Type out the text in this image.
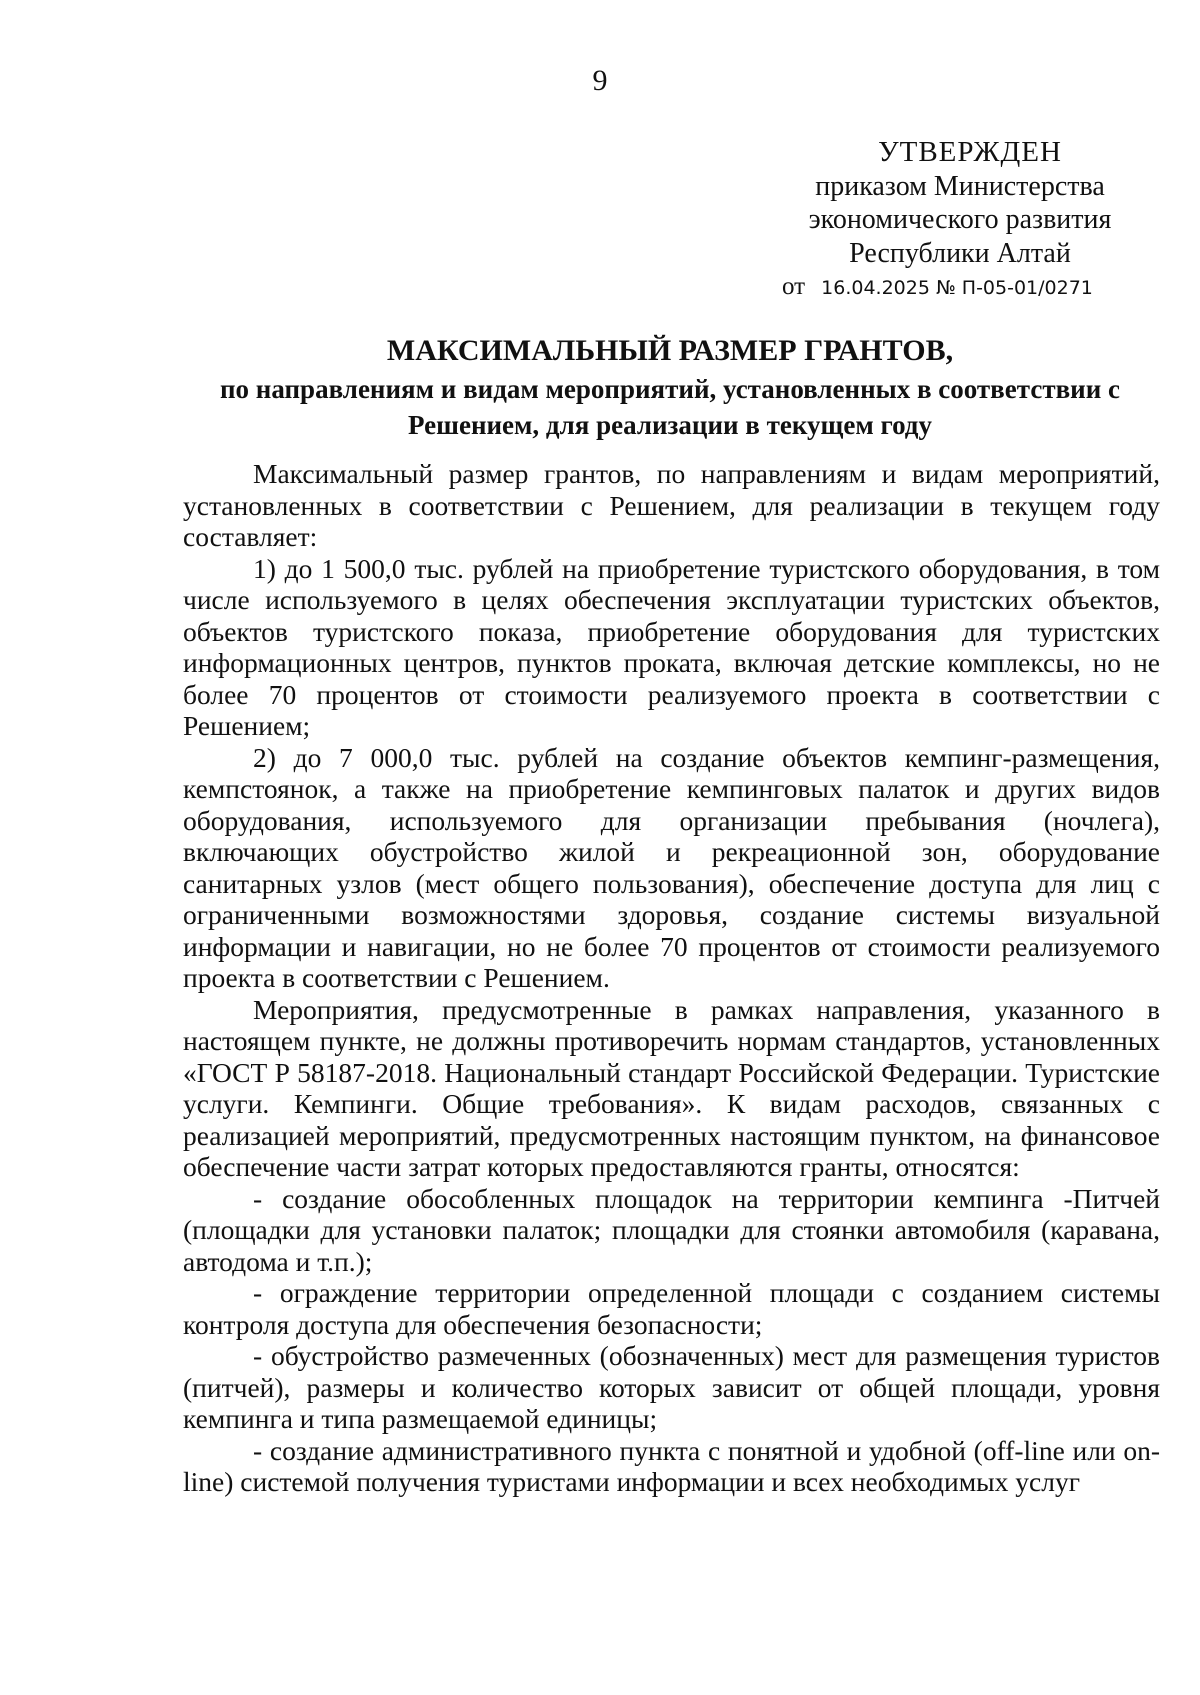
9
УТВЕРЖДЕН
приказом Министерства
экономического развития
Республики Алтай
от 16.04.2025 № П-05-01/0271
МАКСИМАЛЬНЫЙ РАЗМЕР ГРАНТОВ,
по направлениям и видам мероприятий, установленных в соответствии с Решением, для реализации в текущем году

Максимальный размер грантов, по направлениям и видам мероприятий, установленных в соответствии с Решением, для реализации в текущем году составляет:

1) до 1 500,0 тыс. рублей на приобретение туристского оборудования, в том числе используемого в целях обеспечения эксплуатации туристских объектов, объектов туристского показа, приобретение оборудования для туристских информационных центров, пунктов проката, включая детские комплексы, но не более 70 процентов от стоимости реализуемого проекта в соответствии с Решением;

2) до 7 000,0 тыс. рублей на создание объектов кемпинг-размещения, кемпстоянок, а также на приобретение кемпинговых палаток и других видов оборудования, используемого для организации пребывания (ночлега), включающих обустройство жилой и рекреационной зон, оборудование санитарных узлов (мест общего пользования), обеспечение доступа для лиц с ограниченными возможностями здоровья, создание системы визуальной информации и навигации, но не более 70 процентов от стоимости реализуемого проекта в соответствии с Решением.

Мероприятия, предусмотренные в рамках направления, указанного в настоящем пункте, не должны противоречить нормам стандартов, установленных «ГОСТ Р 58187-2018. Национальный стандарт Российской Федерации. Туристские услуги. Кемпинги. Общие требования». К видам расходов, связанных с реализацией мероприятий, предусмотренных настоящим пунктом, на финансовое обеспечение части затрат которых предоставляются гранты, относятся:

- создание обособленных площадок на территории кемпинга -Питчей (площадки для установки палаток; площадки для стоянки автомобиля (каравана, автодома и т.п.);

- ограждение территории определенной площади с созданием системы контроля доступа для обеспечения безопасности;

- обустройство размеченных (обозначенных) мест для размещения туристов (питчей), размеры и количество которых зависит от общей площади, уровня кемпинга и типа размещаемой единицы;

- создание административного пункта с понятной и удобной (off-line или on-line) системой получения туристами информации и всех необходимых услуг
